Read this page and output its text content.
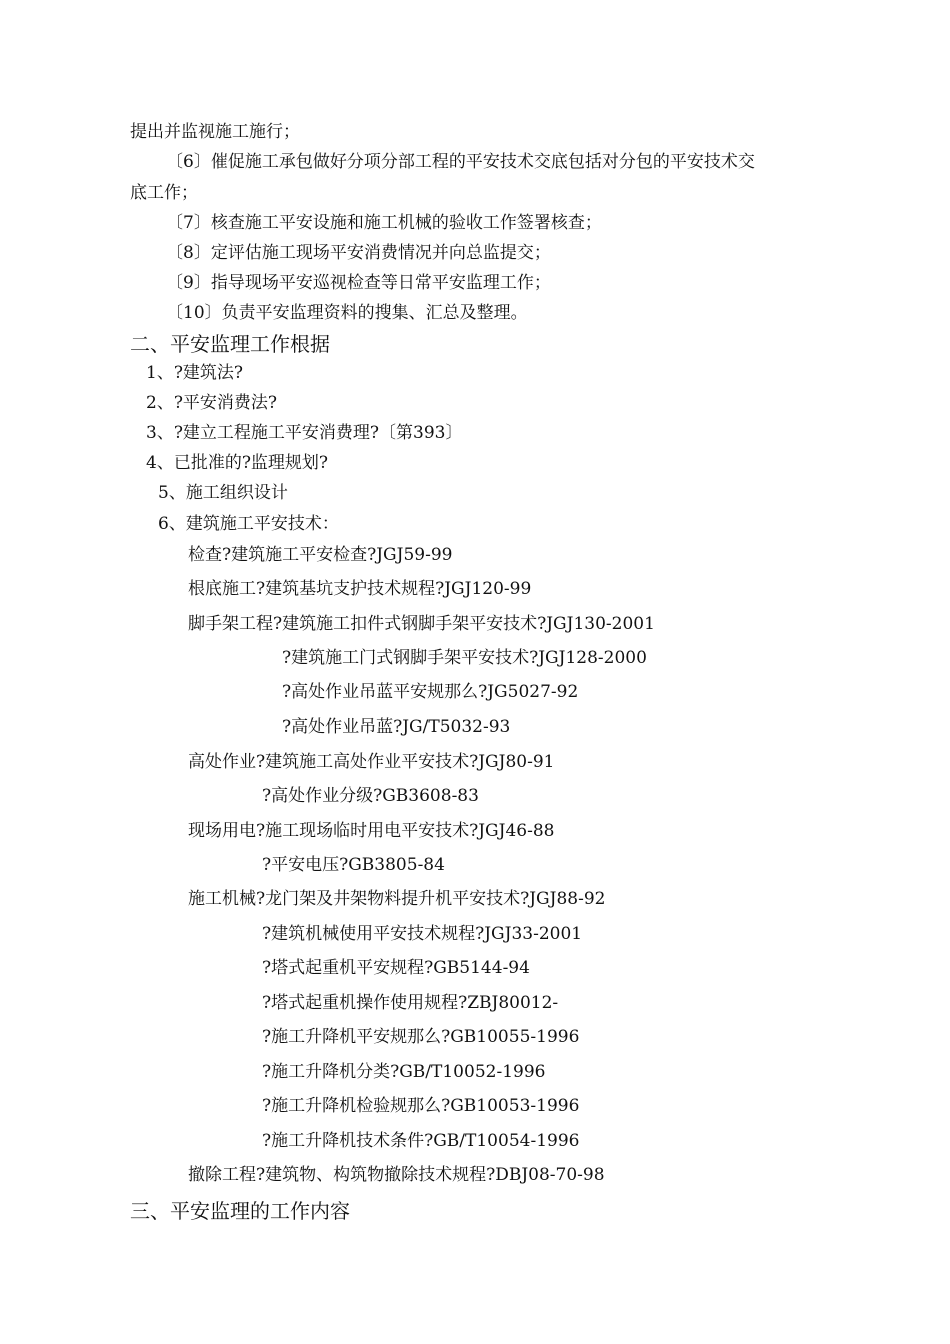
提出并监视施工施行；
〔6〕催促施工承包做好分项分部工程的平安技术交底包括对分包的平安技术交
底工作；
〔7〕核查施工平安设施和施工机械的验收工作签署核查；
〔8〕定评估施工现场平安消费情况并向总监提交；
〔9〕指导现场平安巡视检查等日常平安监理工作；
〔10〕负责平安监理资料的搜集、汇总及整理。
二、平安监理工作根据
1、?建筑法?
2、?平安消费法?
3、?建立工程施工平安消费理?〔第393〕
4、已批准的?监理规划?
5、施工组织设计
6、建筑施工平安技术：
检查?建筑施工平安检查?JGJ59-99
根底施工?建筑基坑支护技术规程?JGJ120-99
脚手架工程?建筑施工扣件式钢脚手架平安技术?JGJ130-2001
?建筑施工门式钢脚手架平安技术?JGJ128-2000
?高处作业吊蓝平安规那么?JG5027-92
?高处作业吊蓝?JG/T5032-93
高处作业?建筑施工高处作业平安技术?JGJ80-91
?高处作业分级?GB3608-83
现场用电?施工现场临时用电平安技术?JGJ46-88
?平安电压?GB3805-84
施工机械?龙门架及井架物料提升机平安技术?JGJ88-92
?建筑机械使用平安技术规程?JGJ33-2001
?塔式起重机平安规程?GB5144-94
?塔式起重机操作使用规程?ZBJ80012-
?施工升降机平安规那么?GB10055-1996
?施工升降机分类?GB/T10052-1996
?施工升降机检验规那么?GB10053-1996
?施工升降机技术条件?GB/T10054-1996
撤除工程?建筑物、构筑物撤除技术规程?DBJ08-70-98
三、平安监理的工作内容
